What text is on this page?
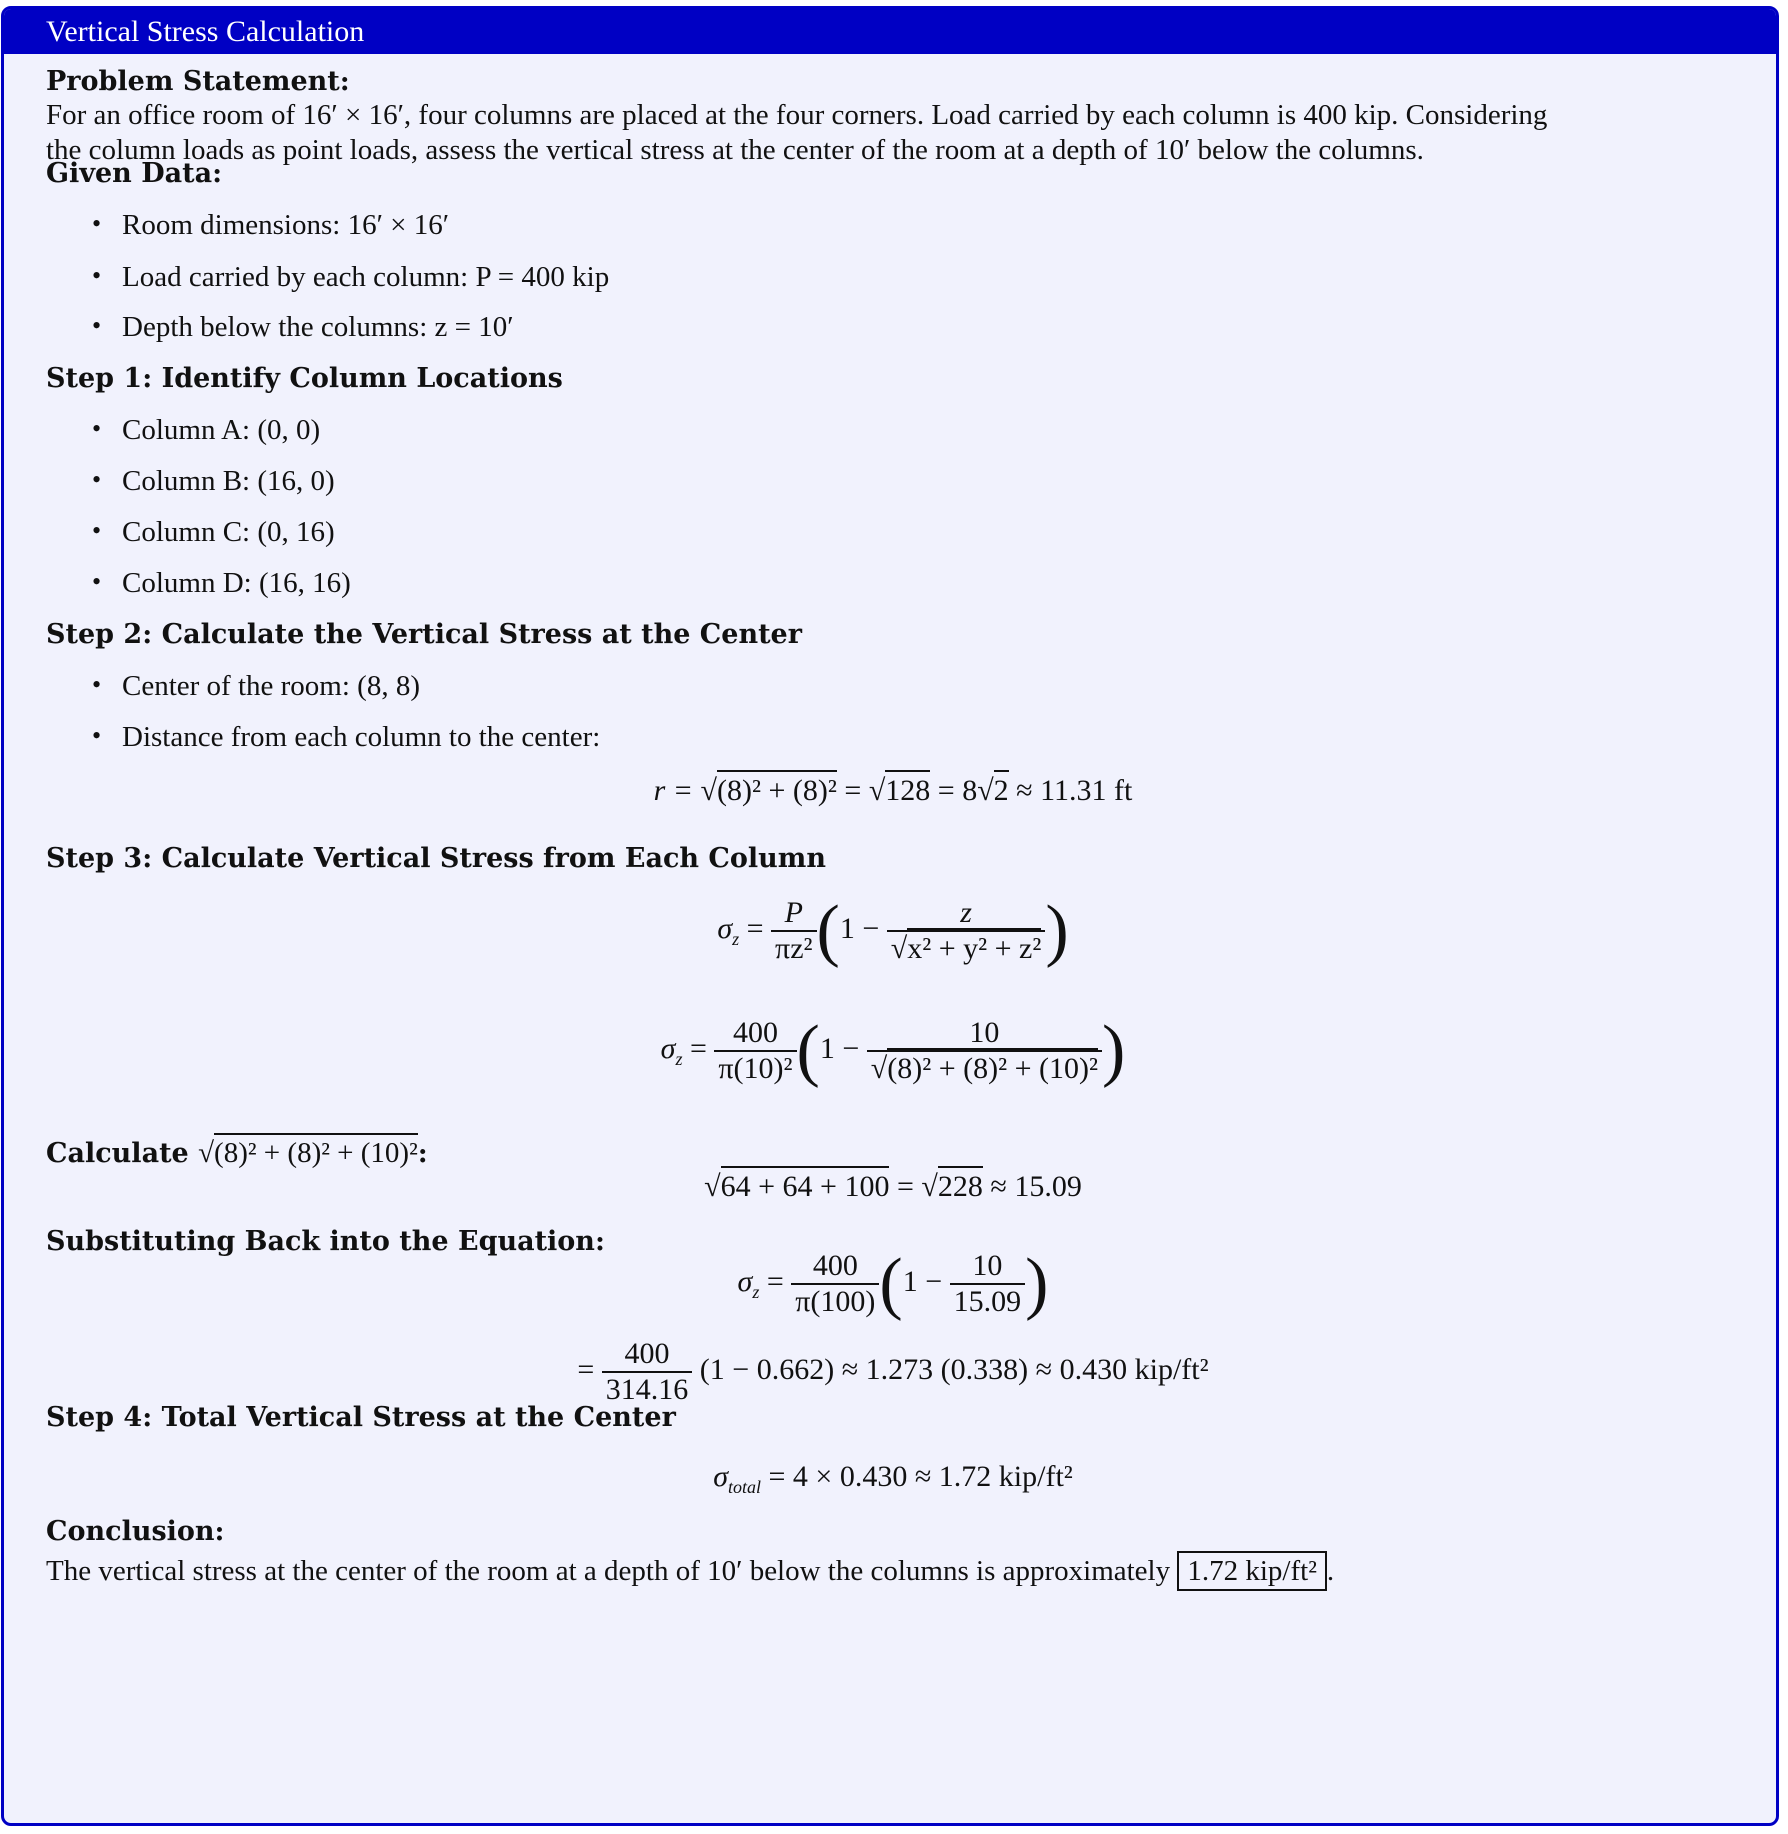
Vertical Stress Calculation
Problem Statement:
For an office room of 16′ × 16′, four columns are placed at the four corners. Load carried by each column is 400 kip. Considering
the column loads as point loads, assess the vertical stress at the center of the room at a depth of 10′ below the columns.
Given Data:
• Room dimensions: 16′ × 16′
• Load carried by each column: P = 400 kip
• Depth below the columns: z = 10′
Step 1: Identify Column Locations
• Column A: (0, 0)
• Column B: (16, 0)
• Column C: (0, 16)
• Column D: (16, 16)
Step 2: Calculate the Vertical Stress at the Center
• Center of the room: (8, 8)
• Distance from each column to the center:
r = √(8)² + (8)² = √128 = 8√2 ≈ 11.31 ft
Step 3: Calculate Vertical Stress from Each Column
$\sigma_z = \frac{P}{\text{πz²}} (1 - \frac{z}{\text{√x² + y² + z²}}$ )
$\sigma_z = \frac{400}{\text{π(10)²}} (1 - \frac{10}{\text{√(8)² + (8)² + (10)²}}$ )
Calculate √(8)² + (8)² + (10)²:
√64 + 64 + 100 = √228 ≈ 15.09
Substituting Back into the Equation:
$\sigma_z = \frac{400}{\pi(100)} (1 - \frac{10}{15.09}$ )
= $\frac{400}{314.16} (1 - 0.662) \approx 1.273$ (0.338) ≈ 0.430 kip/ft²
Step 4: Total Vertical Stress at the Center
$\sigma_{total} = 4 \times 0.430 \approx 1.72$ kip/ft²
Conclusion:
The vertical stress at the center of the room at a depth of 10′ below the columns is approximately 1.72 kip/ft² .
